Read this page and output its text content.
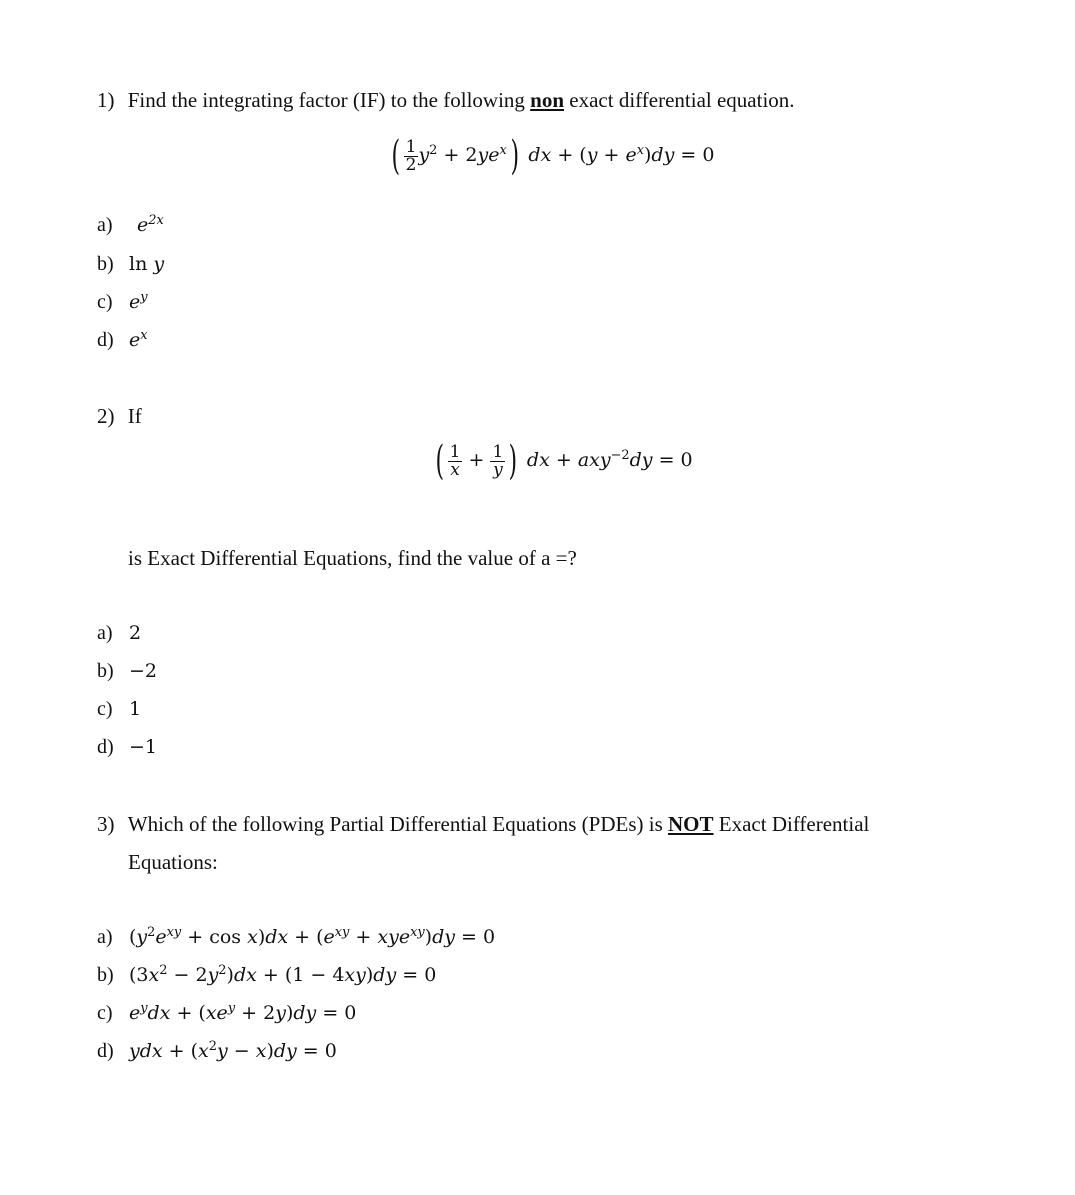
1) Find the integrating factor (IF) to the following non exact differential equation.
( $\frac{1}{2} y^2 + 2ye^x$) dx + $(y + e^x)dy = 0$
a) $e^{2x}$
b) ln y
c) $e^y$
d) $e^x$
2) If
( $\frac{1}{x} + \frac{1}{y}$ ) dx + axy$^{-2}$dy = 0
is Exact Differential Equations, find the value of a =?
a) 2
b) −2
c) 1
d) −1
3) Which of the following Partial Differential Equations (PDEs) is NOT Exact Differential
Equations:
a) $(y^2e^{xy} + \cos x)dx + (e^{xy} + xye^{xy})dy = 0$
b) $(3x^2 - 2y^2)dx + (1 - 4xy)dy = 0$
c) $e^ydx + (xe^y + 2y)dy = 0$
d) ydx + $(x^2y - x)dy = 0$
